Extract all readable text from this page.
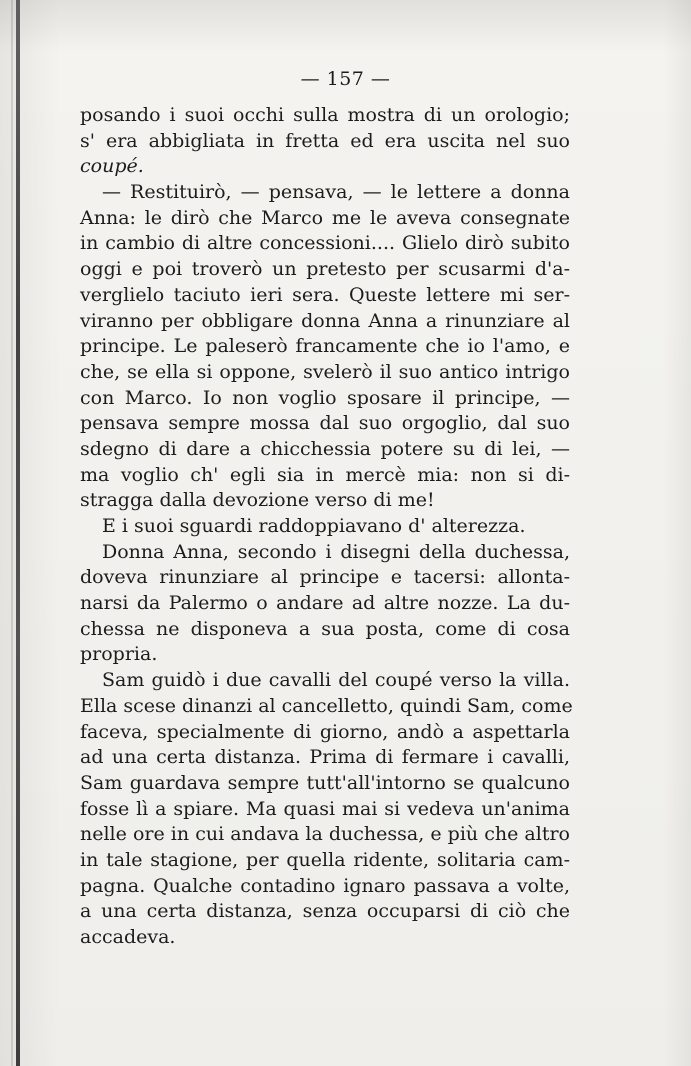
— 157 —
posando i suoi occhi sulla mostra di un orologio;
s' era abbigliata in fretta ed era uscita nel suo
coupé.
— Restituirò, — pensava, — le lettere a donna
Anna: le dirò che Marco me le aveva consegnate
in cambio di altre concessioni.... Glielo dirò subito
oggi e poi troverò un pretesto per scusarmi d'a-
verglielo taciuto ieri sera. Queste lettere mi ser-
viranno per obbligare donna Anna a rinunziare al
principe. Le paleserò francamente che io l'amo, e
che, se ella si oppone, svelerò il suo antico intrigo
con Marco. Io non voglio sposare il principe, —
pensava sempre mossa dal suo orgoglio, dal suo
sdegno di dare a chicchessia potere su di lei, —
ma voglio ch' egli sia in mercè mia: non si di-
stragga dalla devozione verso di me!
E i suoi sguardi raddoppiavano d' alterezza.
Donna Anna, secondo i disegni della duchessa,
doveva rinunziare al principe e tacersi: allonta-
narsi da Palermo o andare ad altre nozze. La du-
chessa ne disponeva a sua posta, come di cosa
propria.
Sam guidò i due cavalli del coupé verso la villa.
Ella scese dinanzi al cancelletto, quindi Sam, come
faceva, specialmente di giorno, andò a aspettarla
ad una certa distanza. Prima di fermare i cavalli,
Sam guardava sempre tutt'all'intorno se qualcuno
fosse lì a spiare. Ma quasi mai si vedeva un'anima
nelle ore in cui andava la duchessa, e più che altro
in tale stagione, per quella ridente, solitaria cam-
pagna. Qualche contadino ignaro passava a volte,
a una certa distanza, senza occuparsi di ciò che
accadeva.
